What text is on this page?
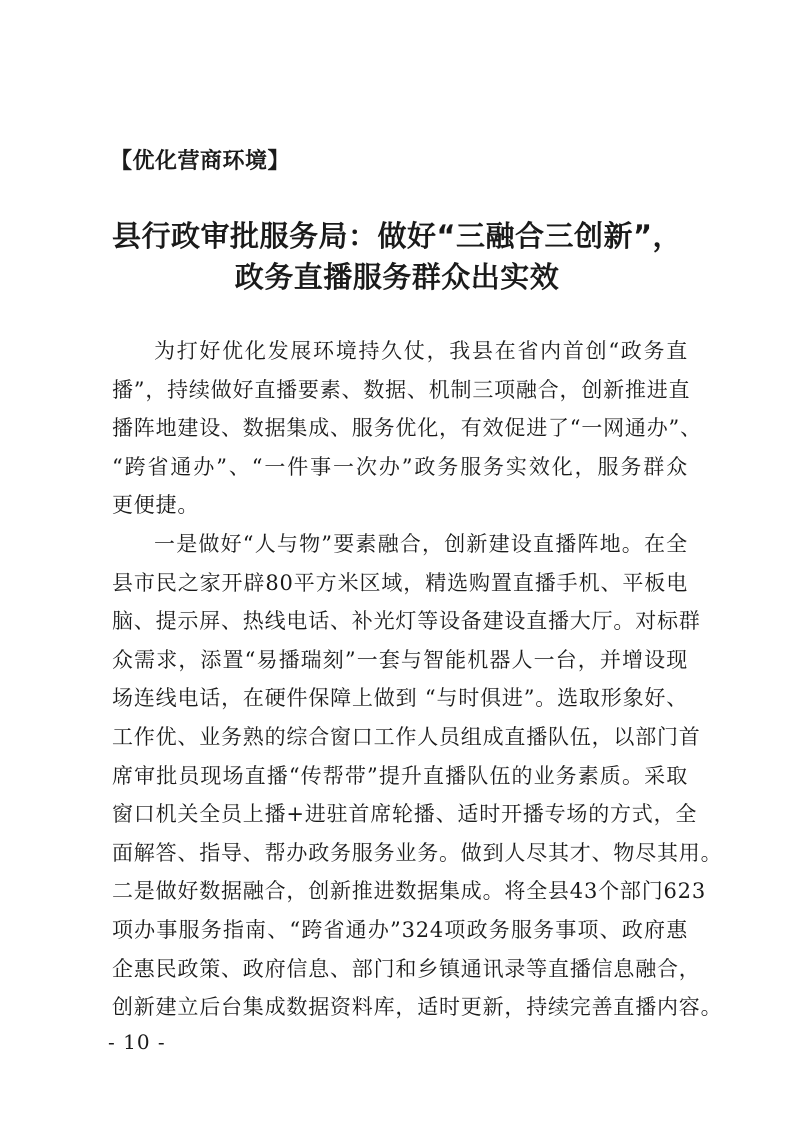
【优化营商环境】
县行政审批服务局：做好“三融合三创新”，
政务直播服务群众出实效
为打好优化发展环境持久仗，我县在省内首创“政务直
播”，持续做好直播要素、数据、机制三项融合，创新推进直
播阵地建设、数据集成、服务优化，有效促进了“一网通办”、
“跨省通办”、“一件事一次办”政务服务实效化，服务群众
更便捷。
一是做好“人与物”要素融合，创新建设直播阵地。在全
县市民之家开辟80平方米区域，精选购置直播手机、平板电
脑、提示屏、热线电话、补光灯等设备建设直播大厅。对标群
众需求，添置“易播瑞刻”一套与智能机器人一台，并增设现
场连线电话，在硬件保障上做到 “与时俱进”。选取形象好、
工作优、业务熟的综合窗口工作人员组成直播队伍，以部门首
席审批员现场直播“传帮带”提升直播队伍的业务素质。采取
窗口机关全员上播+进驻首席轮播、适时开播专场的方式，全
面解答、指导、帮办政务服务业务。做到人尽其才、物尽其用。
二是做好数据融合，创新推进数据集成。将全县43个部门623
项办事服务指南、“跨省通办”324项政务服务事项、政府惠
企惠民政策、政府信息、部门和乡镇通讯录等直播信息融合，
创新建立后台集成数据资料库，适时更新，持续完善直播内容。
- 10 -
